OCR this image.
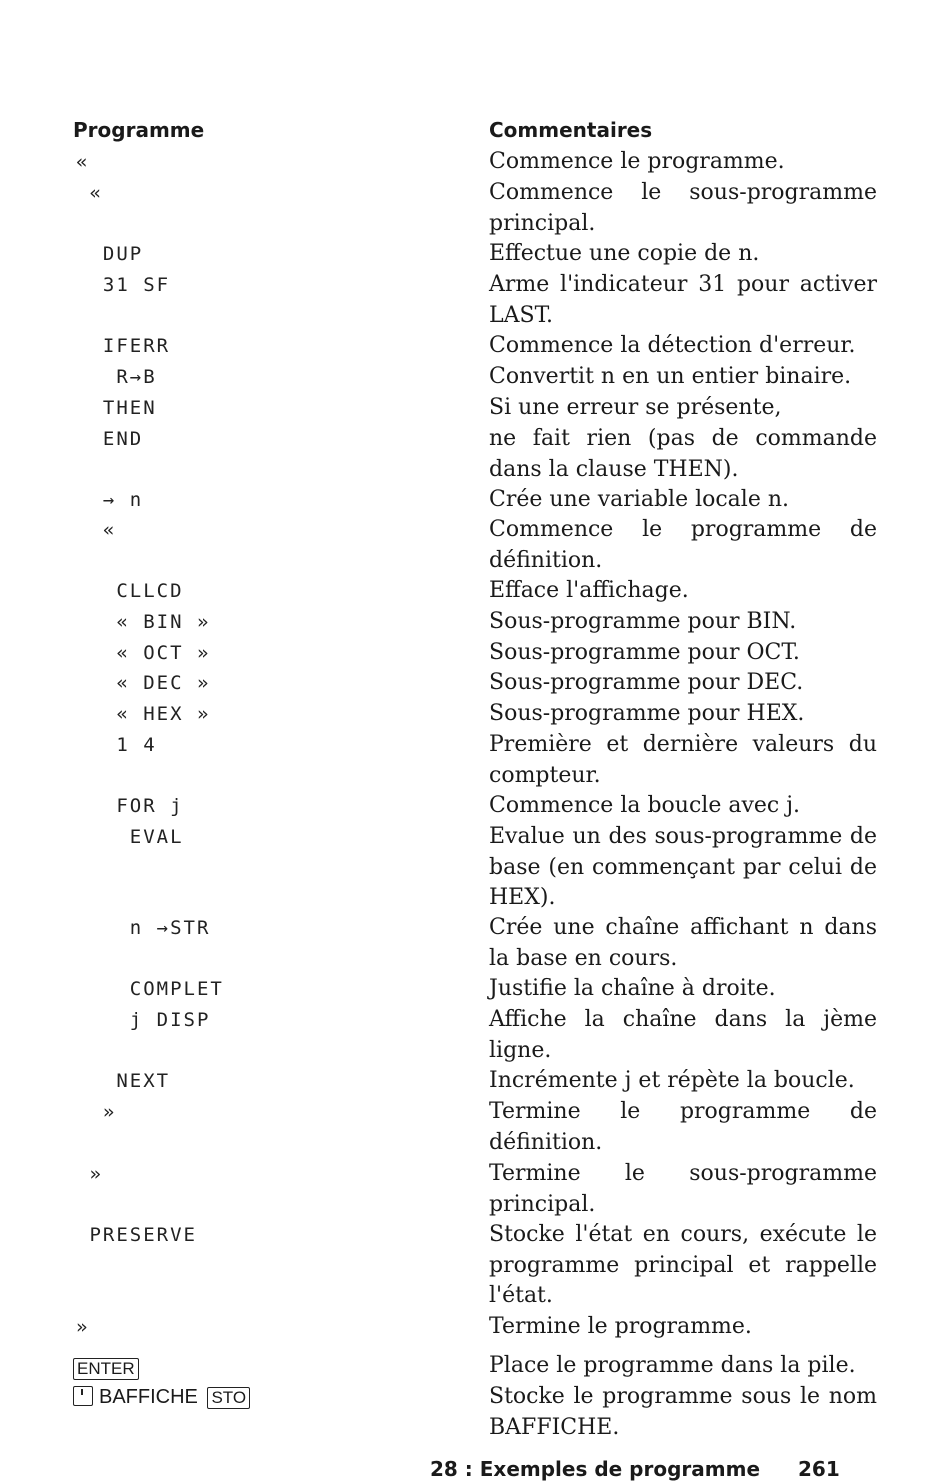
Programme	Commentaires
«	Commence le programme.
«	Commence le sous-programme principal.
DUP	Effectue une copie de n.
31 SF	Arme l'indicateur 31 pour activer LAST.
IFERR	Commence la détection d'erreur.
R→B	Convertit n en un entier binaire.
THEN	Si une erreur se présente,
END	ne fait rien (pas de commande dans la clause THEN).
→ n	Crée une variable locale n.
«	Commence le programme de définition.
CLLCD	Efface l'affichage.
« BIN »	Sous-programme pour BIN.
« OCT »	Sous-programme pour OCT.
« DEC »	Sous-programme pour DEC.
« HEX »	Sous-programme pour HEX.
1 4	Première et dernière valeurs du compteur.
FOR j	Commence la boucle avec j.
EVAL	Evalue un des sous-programme de base (en commençant par celui de HEX).
n →STR	Crée une chaîne affichant n dans la base en cours.
COMPLET	Justifie la chaîne à droite.
j DISP	Affiche la chaîne dans la jème ligne.
NEXT	Incrémente j et répète la boucle.
»	Termine le programme de définition.
»	Termine le sous-programme principal.
PRESERVE	Stocke l'état en cours, exécute le programme principal et rappelle l'état.
»	Termine le programme.
ENTER	Place le programme dans la pile.
BAFFICHE STO	Stocke le programme sous le nom BAFFICHE.
28 : Exemples de programme 261
